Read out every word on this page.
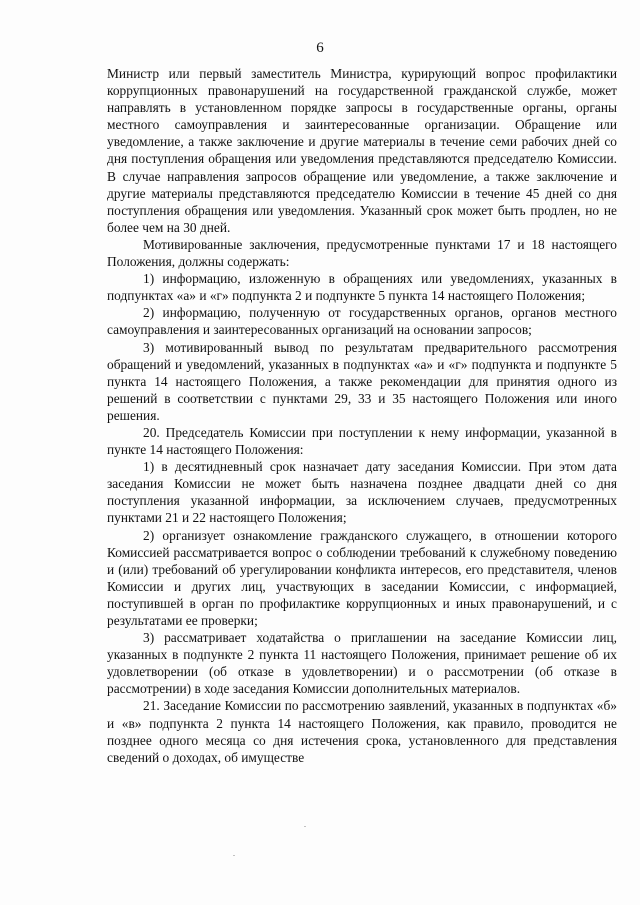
6

Министр или первый заместитель Министра, курирующий вопрос профилактики коррупционных правонарушений на государственной гражданской службе, может направлять в установленном порядке запросы в государственные органы, органы местного самоуправления и заинтересованные организации. Обращение или уведомление, а также заключение и другие материалы в течение семи рабочих дней со дня поступления обращения или уведомления представляются председателю Комиссии. В случае направления запросов обращение или уведомление, а также заключение и другие материалы представляются председателю Комиссии в течение 45 дней со дня поступления обращения или уведомления. Указанный срок может быть продлен, но не более чем на 30 дней.

Мотивированные заключения, предусмотренные пунктами 17 и 18 настоящего Положения, должны содержать:

1) информацию, изложенную в обращениях или уведомлениях, указанных в подпунктах «а» и «г» подпункта 2 и подпункте 5 пункта 14 настоящего Положения;

2) информацию, полученную от государственных органов, органов местного самоуправления и заинтересованных организаций на основании запросов;

3) мотивированный вывод по результатам предварительного рассмотрения обращений и уведомлений, указанных в подпунктах «а» и «г» подпункта и подпункте 5 пункта 14 настоящего Положения, а также рекомендации для принятия одного из решений в соответствии с пунктами 29, 33 и 35 настоящего Положения или иного решения.

20. Председатель Комиссии при поступлении к нему информации, указанной в пункте 14 настоящего Положения:

1) в десятидневный срок назначает дату заседания Комиссии. При этом дата заседания Комиссии не может быть назначена позднее двадцати дней со дня поступления указанной информации, за исключением случаев, предусмотренных пунктами 21 и 22 настоящего Положения;

2) организует ознакомление гражданского служащего, в отношении которого Комиссией рассматривается вопрос о соблюдении требований к служебному поведению и (или) требований об урегулировании конфликта интересов, его представителя, членов Комиссии и других лиц, участвующих в заседании Комиссии, с информацией, поступившей в орган по профилактике коррупционных и иных правонарушений, и с результатами ее проверки;

3) рассматривает ходатайства о приглашении на заседание Комиссии лиц, указанных в подпункте 2 пункта 11 настоящего Положения, принимает решение об их удовлетворении (об отказе в удовлетворении) и о рассмотрении (об отказе в рассмотрении) в ходе заседания Комиссии дополнительных материалов.

21. Заседание Комиссии по рассмотрению заявлений, указанных в подпунктах «б» и «в» подпункта 2 пункта 14 настоящего Положения, как правило, проводится не позднее одного месяца со дня истечения срока, установленного для представления сведений о доходах, об имуществе
